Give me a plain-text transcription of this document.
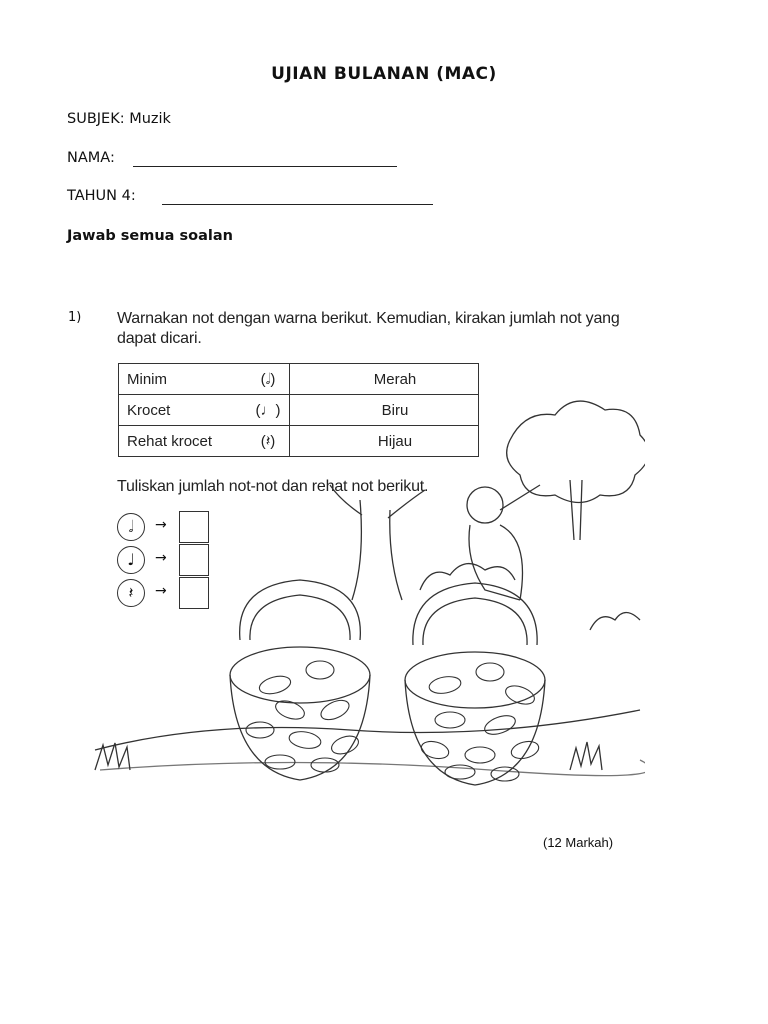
UJIAN BULANAN (MAC)
SUBJEK: Muzik
NAMA:
TAHUN 4:
Jawab semua soalan
1) Warnakan not dengan warna berikut. Kemudian, kirakan jumlah not yang
dapat dicari.
Minim	(𝅗𝅥)	Merah
Krocet	(♩)	Biru
Rehat krocet	(𝄽)	Hijau
Tuliskan jumlah not-not dan rehat not berikut.
𝅗𝅥	→
♩	→
𝄽	→
(12 Markah)
